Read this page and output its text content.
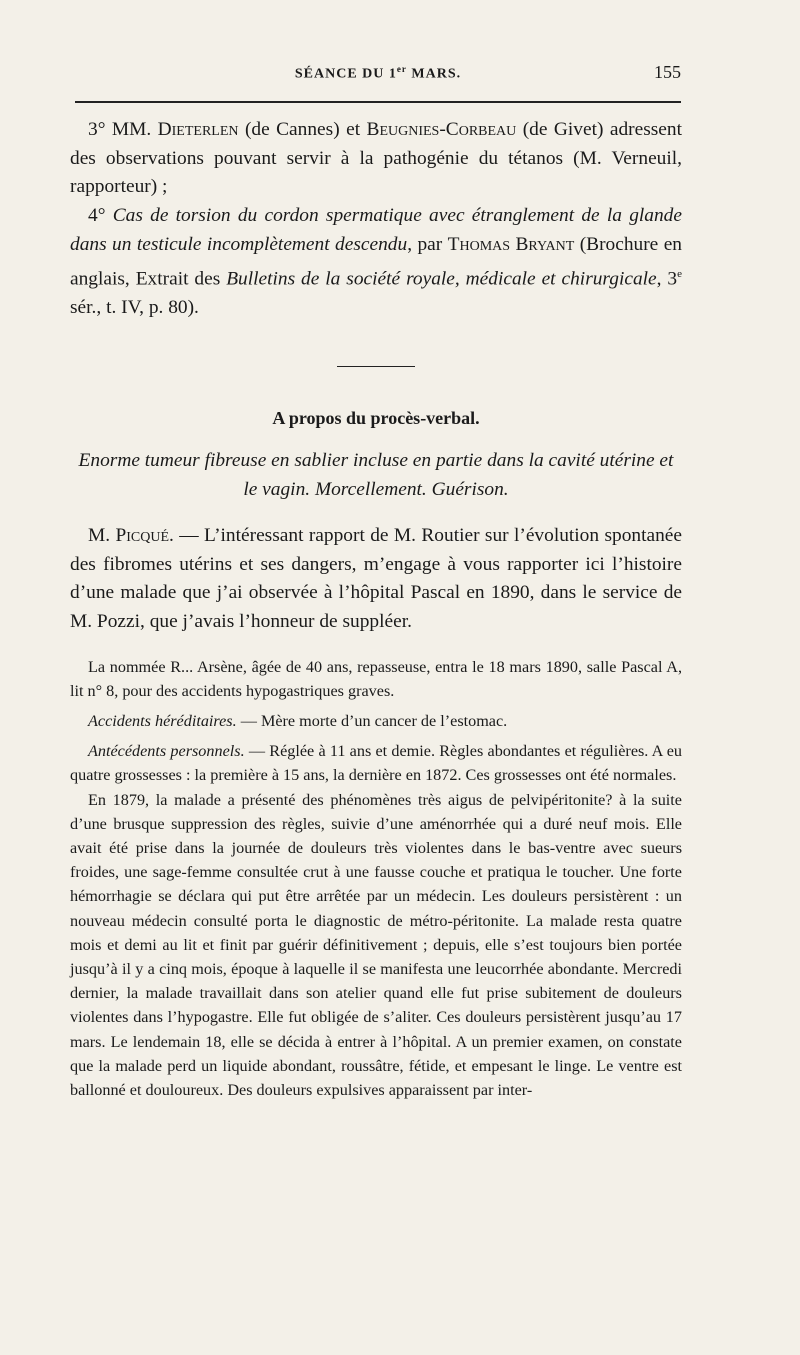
SÉANCE DU 1er MARS.	155

3° MM. Dieterlen (de Cannes) et Beugnies-Corbeau (de Givet) adressent des observations pouvant servir à la pathogénie du tétanos (M. Verneuil, rapporteur) ;

4° Cas de torsion du cordon spermatique avec étranglement de la glande dans un testicule incomplètement descendu, par Thomas Bryant (Brochure en anglais, Extrait des Bulletins de la société royale, médicale et chirurgicale, 3e sér., t. IV, p. 80).

A propos du procès-verbal.

Enorme tumeur fibreuse en sablier incluse en partie dans la cavité utérine et le vagin. Morcellement. Guérison.

M. Picqué. — L’intéressant rapport de M. Routier sur l’évolution spontanée des fibromes utérins et ses dangers, m’engage à vous rapporter ici l’histoire d’une malade que j’ai observée à l’hôpital Pascal en 1890, dans le service de M. Pozzi, que j’avais l’honneur de suppléer.

La nommée R... Arsène, âgée de 40 ans, repasseuse, entra le 18 mars 1890, salle Pascal A, lit n° 8, pour des accidents hypogastriques graves.

Accidents héréditaires. — Mère morte d’un cancer de l’estomac.

Antécédents personnels. — Réglée à 11 ans et demie. Règles abondantes et régulières. A eu quatre grossesses : la première à 15 ans, la dernière en 1872. Ces grossesses ont été normales.

En 1879, la malade a présenté des phénomènes très aigus de pelvipéritonite? à la suite d’une brusque suppression des règles, suivie d’une aménorrhée qui a duré neuf mois. Elle avait été prise dans la journée de douleurs très violentes dans le bas-ventre avec sueurs froides, une sage-femme consultée crut à une fausse couche et pratiqua le toucher. Une forte hémorrhagie se déclara qui put être arrêtée par un médecin. Les douleurs persistèrent : un nouveau médecin consulté porta le diagnostic de métro-péritonite. La malade resta quatre mois et demi au lit et finit par guérir définitivement ; depuis, elle s’est toujours bien portée jusqu’à il y a cinq mois, époque à laquelle il se manifesta une leucorrhée abondante. Mercredi dernier, la malade travaillait dans son atelier quand elle fut prise subitement de douleurs violentes dans l’hypogastre. Elle fut obligée de s’aliter. Ces douleurs persistèrent jusqu’au 17 mars. Le lendemain 18, elle se décida à entrer à l’hôpital. A un premier examen, on constate que la malade perd un liquide abondant, roussâtre, fétide, et empesant le linge. Le ventre est ballonné et douloureux. Des douleurs expulsives apparaissent par inter-
